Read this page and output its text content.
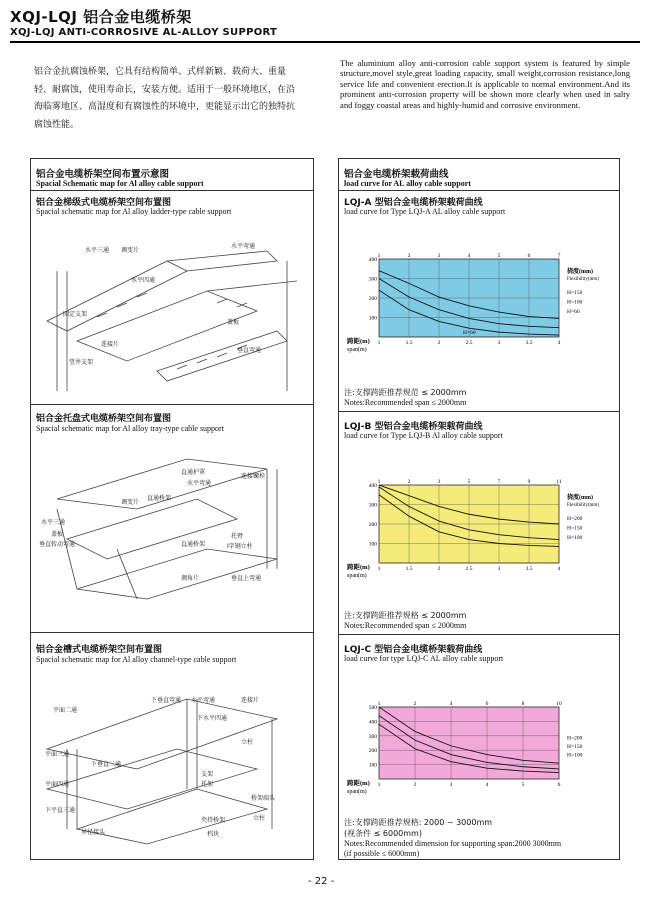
XQJ-LQJ 铝合金电缆桥架
XQJ-LQJ ANTI-CORROSIVE AL-ALLOY SUPPORT
铝合金抗腐蚀桥架，它具有结构简单、式样新颖、载荷大、重量轻、耐腐蚀，使用寿命长，安装方便。适用于一般环境地区，在沿海临雾地区、高湿度和有腐蚀性的环境中，更能显示出它的独特抗腐蚀性能。
The aluminium alloy anti-corrosion cable support system is featured by simple structure,movel style,great loading capacity, small weight,corrosion resistance,long service life and convenient erection.It is applicable to normal environment.And its prominent anti-corrosion property will be shown more clearly when used in salty and foggy coastal areas and highly-humid and corrosive environment.
铝合金电缆桥架空间布置示意图
Spacial Schematic map for Al alloy cable support
铝合金梯级式电缆桥架空间布置图
Spacial schematic map for Al alloy ladder-type cable support
水平三通 调变片
水平弯通
水平四通
固定支架
盖板
连接片
垂直弯通
竖井支架
铝合金托盘式电缆桥架空间布置图
Spacial schematic map for Al alloy tray-type cable support
直通护罩
水平弯通
连接螺栓
调变片
直通桥架
水平三通
盖板
直通桥架
垂直转动弯通
托臂
Ⅰ字钢立柱
调角片	垂直上弯通
铝合金槽式电缆桥架空间布置图
Spacial schematic map for Al alloy channel-type cable support
下垂直弯通 水平弯通	连接片
平面二通
下水平四通
平面三通
下垂直二通
立柱
平面四通
支架
下平直三通
托架
桥架端头
异径接头
夹持桥架
档块
立柱
铝合金电缆桥架载荷曲线
load curve for AL alloy cable support
LQJ-A 型铝合金电缆桥架载荷曲线
load curve for Type LQJ-A AL alloy cable support
1	2	3	4	5	6	7
1	1.5	2	2.5	3	3.5	4
400
300
200
100
H=150
H=100
H=60
H=60
挠度(mm)
Flexibility(mm)
跨距(m)
span(m)
注:支撑跨距推荐规范 ≤ 2000mm
Notes:Recommended span ≤ 2000mm
LQJ-B 型铝合金电缆桥架载荷曲线
load curve for Type LQJ-B Al alloy cable support
1	2	3	5	7	9	11
1	1.5	2	2.5	3	3.5	4
400
300
200
100
H=200
H=150
H=100
挠度(mm)
Flexibility(mm)
跨距(m)
span(m)
注:支撑跨距推荐规格 ≤ 2000mm
Notes:Recommended span ≤ 2000mm
LQJ-C 型铝合金电缆桥架载荷曲线
load curve for type LQJ-C AL alloy cable support
1	2	4	6	8	10
1	2	3	4	5	6
500
400
300
200
100
H=200
H=150
H=100
跨距(m)
span(m)
注:支撑跨距推荐规格: 2000 ~ 3000mm
(视条件 ≤ 6000mm)
Notes:Recommended dimension for supporting span:2000 3000mm
(if possible ≤ 6000mm)
- 22 -
